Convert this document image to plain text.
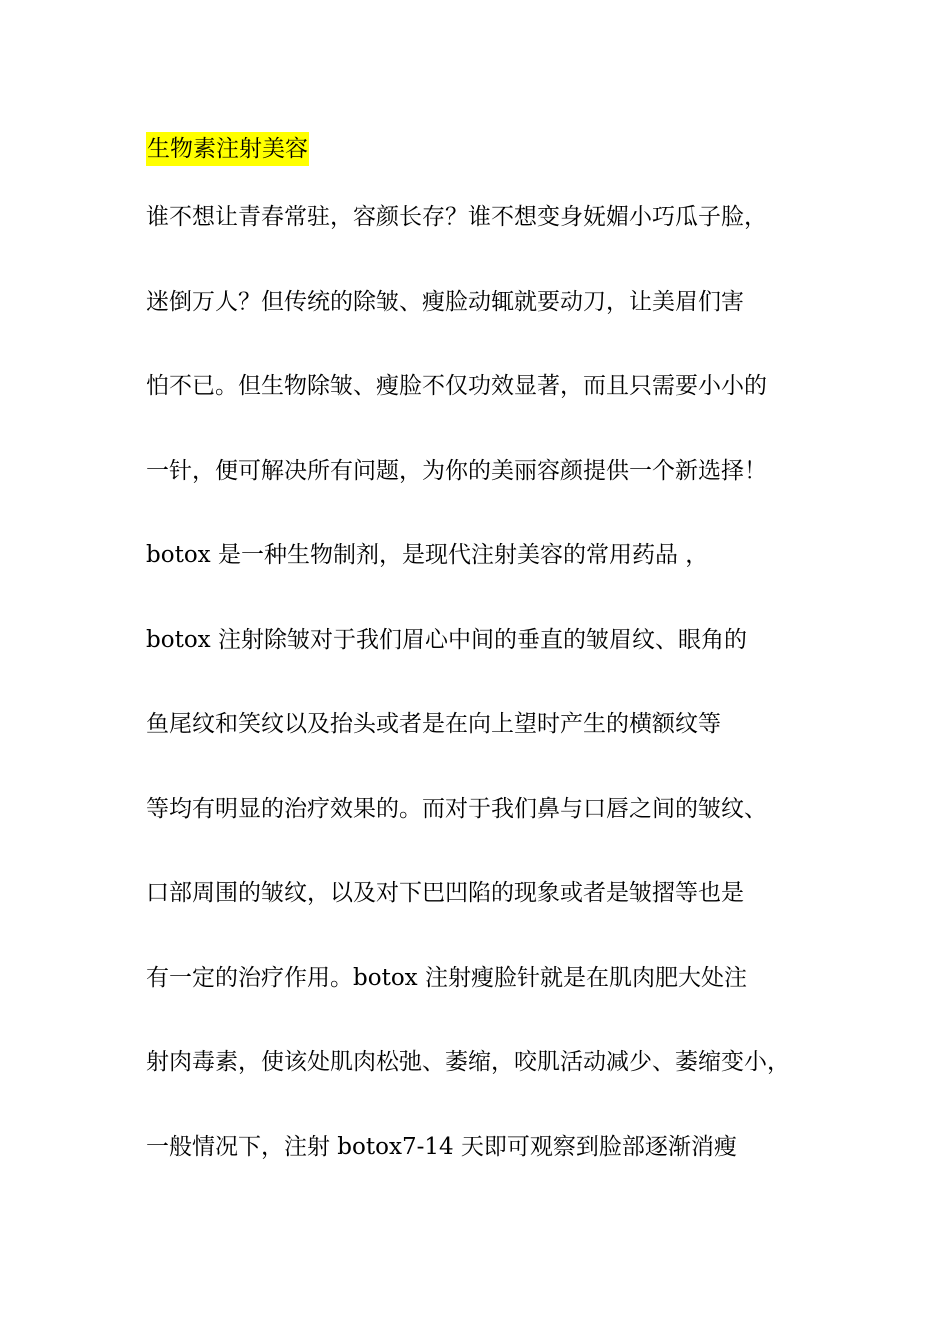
生物素注射美容
谁不想让青春常驻，容颜长存？谁不想变身妩媚小巧瓜子脸，
迷倒万人？但传统的除皱、瘦脸动辄就要动刀，让美眉们害
怕不已。但生物除皱、瘦脸不仅功效显著，而且只需要小小的
一针，便可解决所有问题，为你的美丽容颜提供一个新选择！
botox 是一种生物制剂，是现代注射美容的常用药品 ，
botox 注射除皱对于我们眉心中间的垂直的皱眉纹、眼角的
鱼尾纹和笑纹以及抬头或者是在向上望时产生的横额纹等
等均有明显的治疗效果的。而对于我们鼻与口唇之间的皱纹、
口部周围的皱纹，以及对下巴凹陷的现象或者是皱摺等也是
有一定的治疗作用。botox 注射瘦脸针就是在肌肉肥大处注
射肉毒素，使该处肌肉松弛、萎缩，咬肌活动减少、萎缩变小，
一般情况下，注射 botox7-14 天即可观察到脸部逐渐消瘦
